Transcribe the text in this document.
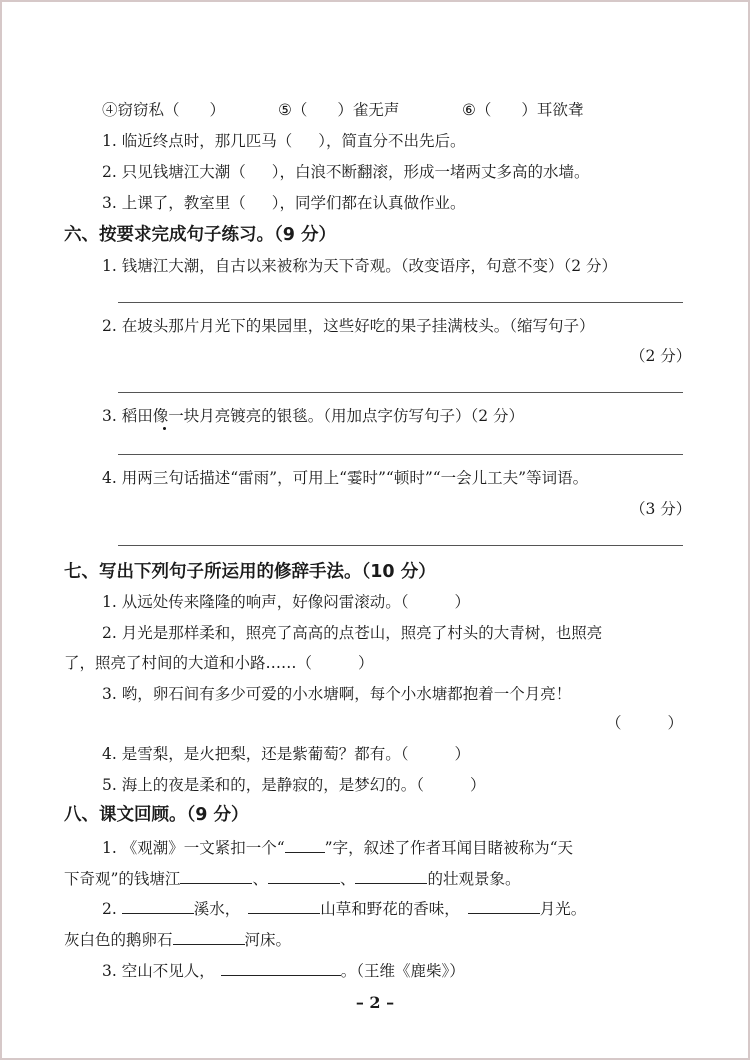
④窃窃私（ ）	⑤（ ）雀无声	⑥（ ）耳欲聋
1. 临近终点时，那几匹马（ ），简直分不出先后。
2. 只见钱塘江大潮（ ），白浪不断翻滚，形成一堵两丈多高的水墙。
3. 上课了，教室里（ ），同学们都在认真做作业。
六、按要求完成句子练习。（9 分）
1. 钱塘江大潮，自古以来被称为天下奇观。（改变语序，句意不变）（2 分）
2. 在坡头那片月光下的果园里，这些好吃的果子挂满枝头。（缩写句子）
（2 分）
3. 稻田像一块月亮镀亮的银毯。（用加点字仿写句子）（2 分）
4. 用两三句话描述“雷雨”，可用上“霎时”“顿时”“一会儿工夫”等词语。
（3 分）
七、写出下列句子所运用的修辞手法。（10 分）
1. 从远处传来隆隆的响声，好像闷雷滚动。（	）
2. 月光是那样柔和，照亮了高高的点苍山，照亮了村头的大青树，也照亮
了，照亮了村间的大道和小路……（	）
3. 哟，卵石间有多少可爱的小水塘啊，每个小水塘都抱着一个月亮！
（	）
4. 是雪梨，是火把梨，还是紫葡萄？都有。（	）
5. 海上的夜是柔和的，是静寂的，是梦幻的。（	）
八、课文回顾。（9 分）
1. 《观潮》一文紧扣一个“	”字，叙述了作者耳闻目睹被称为“天
下奇观”的钱塘江	、	、	的壮观景象。
2.	溪水，	山草和野花的香味，	月光。
灰白色的鹅卵石	河床。
3. 空山不见人，	。（王维《鹿柴》）
– 2 –
